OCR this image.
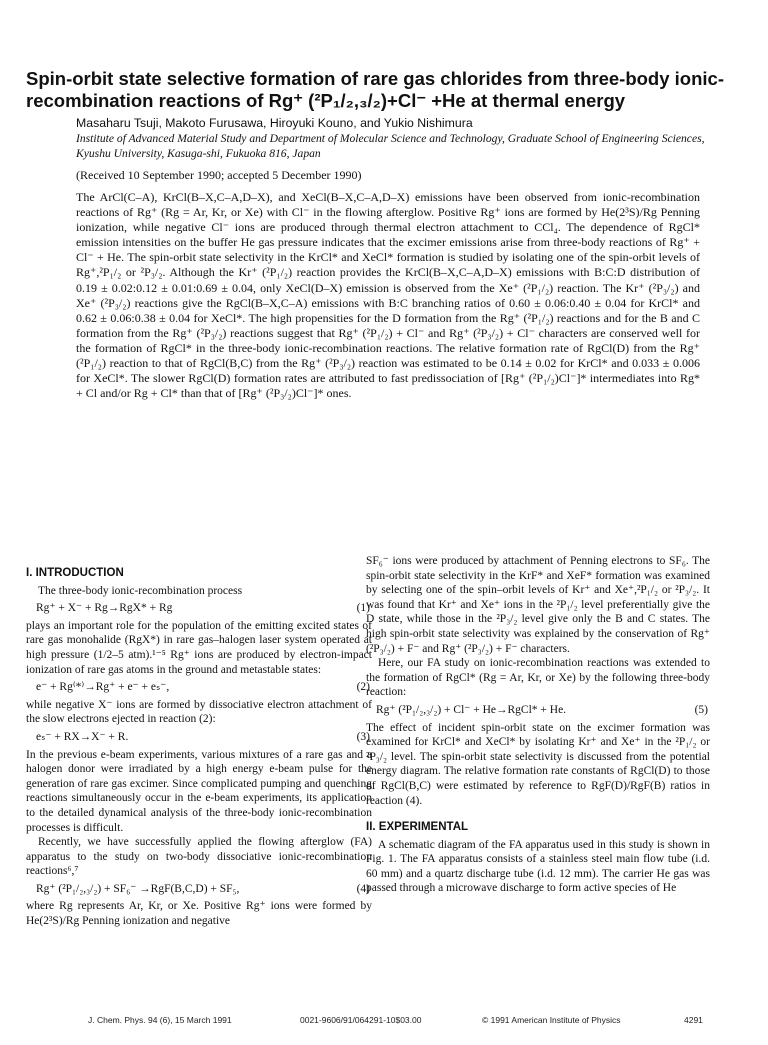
Spin-orbit state selective formation of rare gas chlorides from three-body ionic-recombination reactions of Rg⁺ (²P₁/₂,₃/₂)+Cl⁻ +He at thermal energy
Masaharu Tsuji, Makoto Furusawa, Hiroyuki Kouno, and Yukio Nishimura
Institute of Advanced Material Study and Department of Molecular Science and Technology, Graduate School of Engineering Sciences, Kyushu University, Kasuga-shi, Fukuoka 816, Japan
(Received 10 September 1990; accepted 5 December 1990)

The ArCl(C–A), KrCl(B–X,C–A,D–X), and XeCl(B–X,C–A,D–X) emissions have been observed from ionic-recombination reactions of Rg⁺ (Rg = Ar, Kr, or Xe) with Cl⁻ in the flowing afterglow. Positive Rg⁺ ions are formed by He(2³S)/Rg Penning ionization, while negative Cl⁻ ions are produced through thermal electron attachment to CCl₄. The dependence of RgCl* emission intensities on the buffer He gas pressure indicates that the excimer emissions arise from three-body reactions of Rg⁺ + Cl⁻ + He. The spin-orbit state selectivity in the KrCl* and XeCl* formation is studied by isolating one of the spin-orbit levels of Rg⁺,²P₁/₂ or ²P₃/₂. Although the Kr⁺ (²P₁/₂) reaction provides the KrCl(B–X,C–A,D–X) emissions with B:C:D distribution of 0.19 ± 0.02:0.12 ± 0.01:0.69 ± 0.04, only XeCl(D–X) emission is observed from the Xe⁺ (²P₁/₂) reaction. The Kr⁺ (²P₃/₂) and Xe⁺ (²P₃/₂) reactions give the RgCl(B–X,C–A) emissions with B:C branching ratios of 0.60 ± 0.06:0.40 ± 0.04 for KrCl* and 0.62 ± 0.06:0.38 ± 0.04 for XeCl*. The high propensities for the D formation from the Rg⁺ (²P₁/₂) reactions and for the B and C formation from the Rg⁺ (²P₃/₂) reactions suggest that Rg⁺ (²P₁/₂) + Cl⁻ and Rg⁺ (²P₃/₂) + Cl⁻ characters are conserved well for the formation of RgCl* in the three-body ionic-recombination reactions. The relative formation rate of RgCl(D) from the Rg⁺ (²P₁/₂) reaction to that of RgCl(B,C) from the Rg⁺ (²P₃/₂) reaction was estimated to be 0.14 ± 0.02 for KrCl* and 0.033 ± 0.006 for XeCl*. The slower RgCl(D) formation rates are attributed to fast predissociation of [Rg⁺ (²P₁/₂)Cl⁻]* intermediates into Rg* + Cl and/or Rg + Cl* than that of [Rg⁺ (²P₃/₂)Cl⁻]* ones.

I. INTRODUCTION

The three-body ionic-recombination process

Rg⁺ + X⁻ + Rg→RgX* + Rg	(1)

plays an important role for the population of the emitting excited states of rare gas monohalide (RgX*) in rare gas–halogen laser system operated at high pressure (1/2–5 atm).¹⁻⁵ Rg⁺ ions are produced by electron-impact ionization of rare gas atoms in the ground and metastable states:

e⁻ + Rg⁽*⁾→Rg⁺ + e⁻ + eₛ⁻,	(2)

while negative X⁻ ions are formed by dissociative electron attachment of the slow electrons ejected in reaction (2):

eₛ⁻ + RX→X⁻ + R.	(3)

In the previous e-beam experiments, various mixtures of a rare gas and a halogen donor were irradiated by a high energy e-beam pulse for the generation of rare gas excimer. Since complicated pumping and quenching reactions simultaneously occur in the e-beam experiments, its application to the detailed dynamical analysis of the three-body ionic-recombination processes is difficult.

Recently, we have successfully applied the flowing afterglow (FA) apparatus to the study on two-body dissociative ionic-recombination reactions⁶,⁷

Rg⁺ (²P₁/₂,₃/₂) + SF₆⁻ →RgF(B,C,D) + SF₅,	(4)

where Rg represents Ar, Kr, or Xe. Positive Rg⁺ ions were formed by He(2³S)/Rg Penning ionization and negative

SF₆⁻ ions were produced by attachment of Penning electrons to SF₆. The spin-orbit state selectivity in the KrF* and XeF* formation was examined by selecting one of the spin–orbit levels of Kr⁺ and Xe⁺,²P₁/₂ or ²P₃/₂. It was found that Kr⁺ and Xe⁺ ions in the ²P₁/₂ level preferentially give the D state, while those in the ²P₃/₂ level give only the B and C states. The high spin-orbit state selectivity was explained by the conservation of Rg⁺ (²P₃/₂) + F⁻ and Rg⁺ (²P₃/₂) + F⁻ characters.

Here, our FA study on ionic-recombination reactions was extended to the formation of RgCl* (Rg = Ar, Kr, or Xe) by the following three-body reaction:

Rg⁺ (²P₁/₂,₃/₂) + Cl⁻ + He→RgCl* + He.	(5)

The effect of incident spin-orbit state on the excimer formation was examined for KrCl* and XeCl* by isolating Kr⁺ and Xe⁺ in the ²P₁/₂ or ²P₃/₂ level. The spin-orbit state selectivity is discussed from the potential energy diagram. The relative formation rate constants of RgCl(D) to those of RgCl(B,C) were estimated by reference to RgF(D)/RgF(B) ratios in reaction (4).

II. EXPERIMENTAL

A schematic diagram of the FA apparatus used in this study is shown in Fig. 1. The FA apparatus consists of a stainless steel main flow tube (i.d. 60 mm) and a quartz discharge tube (i.d. 12 mm). The carrier He gas was passed through a microwave discharge to form active species of He

J. Chem. Phys. 94 (6), 15 March 1991	0021-9606/91/064291-10$03.00	© 1991 American Institute of Physics	4291
